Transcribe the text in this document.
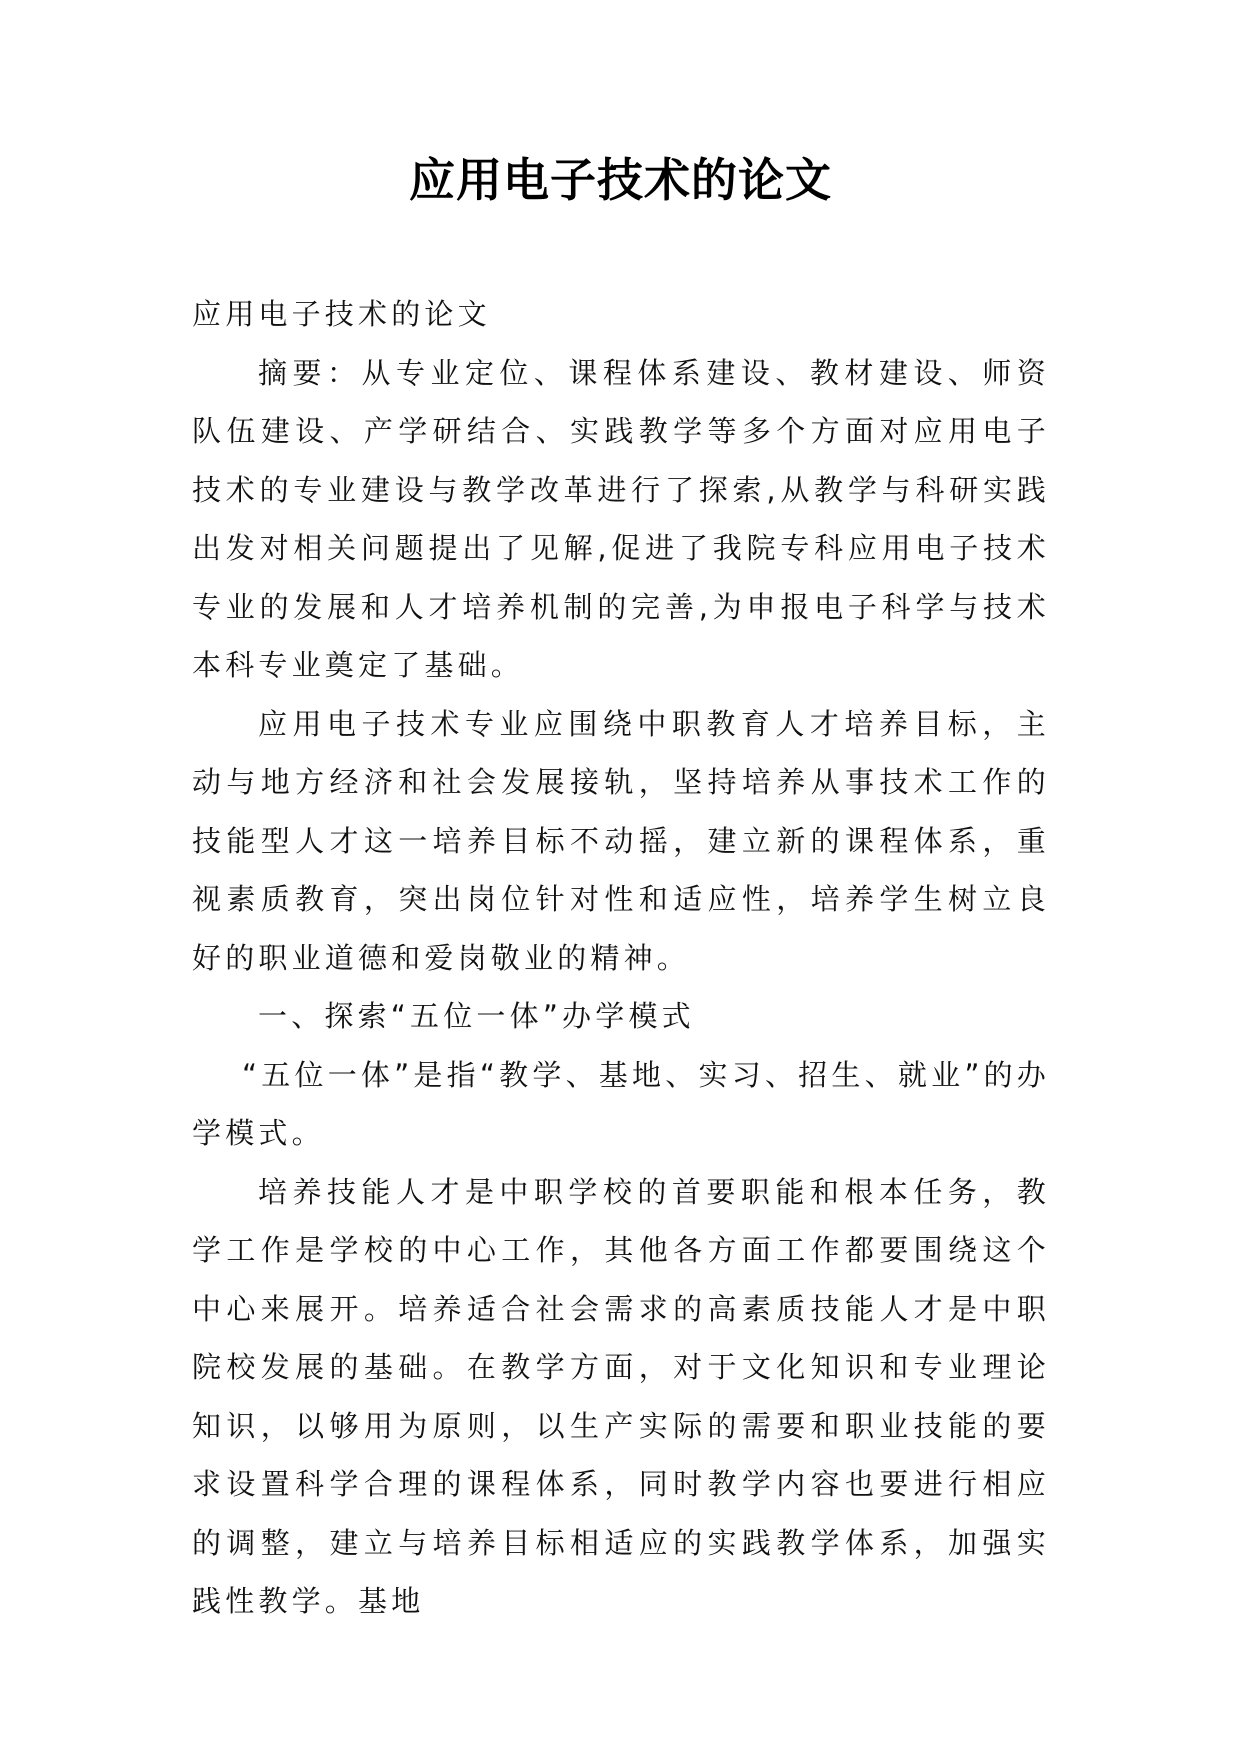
应用电子技术的论文

应用电子技术的论文

摘要：从专业定位、课程体系建设、教材建设、师资队伍建设、产学研结合、实践教学等多个方面对应用电子技术的专业建设与教学改革进行了探索,从教学与科研实践出发对相关问题提出了见解,促进了我院专科应用电子技术专业的发展和人才培养机制的完善,为申报电子科学与技术本科专业奠定了基础。

应用电子技术专业应围绕中职教育人才培养目标，主动与地方经济和社会发展接轨，坚持培养从事技术工作的技能型人才这一培养目标不动摇，建立新的课程体系，重视素质教育，突出岗位针对性和适应性，培养学生树立良好的职业道德和爱岗敬业的精神。

一、探索“五位一体”办学模式

“五位一体”是指“教学、基地、实习、招生、就业”的办学模式。

培养技能人才是中职学校的首要职能和根本任务，教学工作是学校的中心工作，其他各方面工作都要围绕这个中心来展开。培养适合社会需求的高素质技能人才是中职院校发展的基础。在教学方面，对于文化知识和专业理论知识，以够用为原则，以生产实际的需要和职业技能的要求设置科学合理的课程体系，同时教学内容也要进行相应的调整，建立与培养目标相适应的实践教学体系，加强实践性教学。基地
